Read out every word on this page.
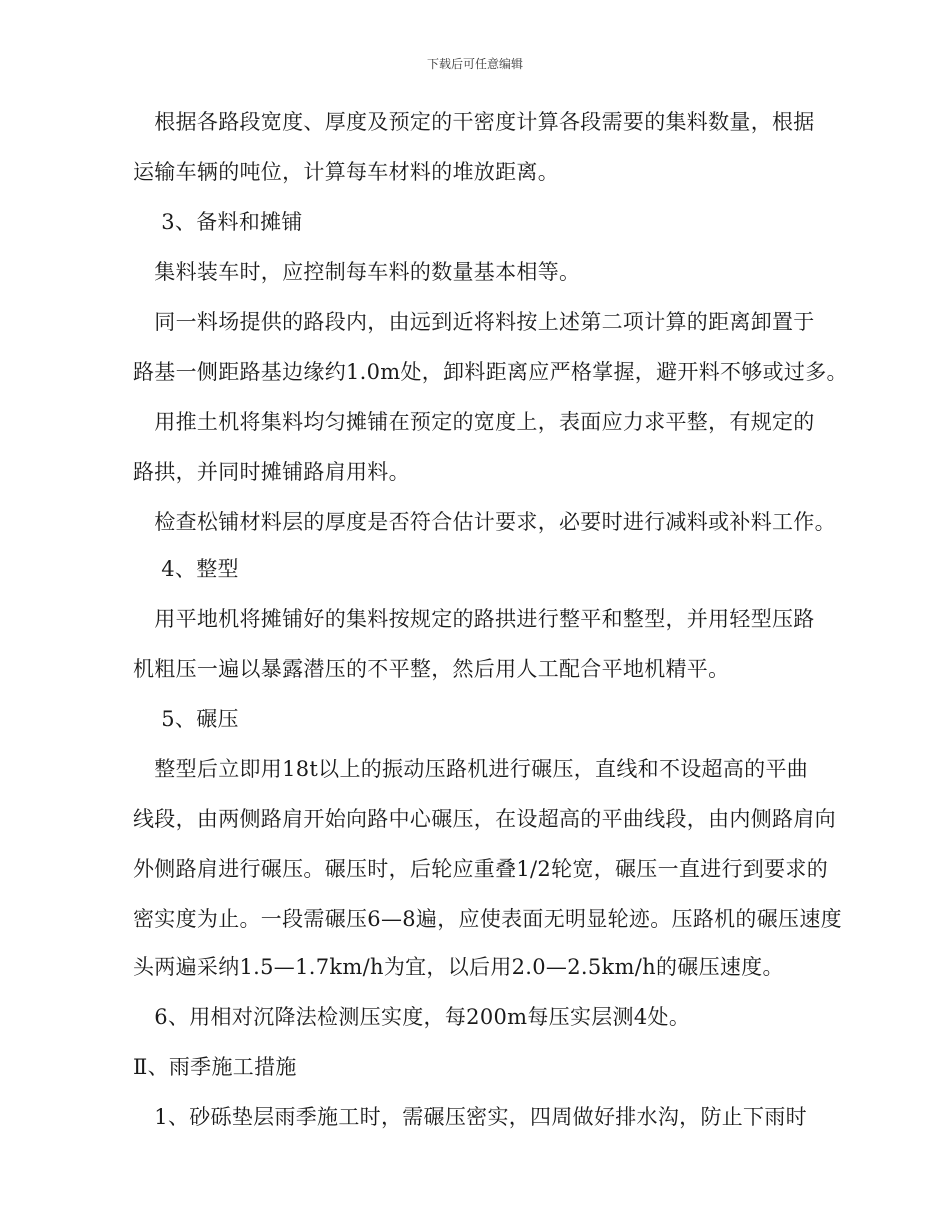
下载后可任意编辑
　根据各路段宽度、厚度及预定的干密度计算各段需要的集料数量，根据
运输车辆的吨位，计算每车材料的堆放距离。
　 3、备料和摊铺
　集料装车时，应控制每车料的数量基本相等。
　同一料场提供的路段内，由远到近将料按上述第二项计算的距离卸置于
路基一侧距路基边缘约1.0m处，卸料距离应严格掌握，避开料不够或过多。
　用推土机将集料均匀摊铺在预定的宽度上，表面应力求平整，有规定的
路拱，并同时摊铺路肩用料。
　检查松铺材料层的厚度是否符合估计要求，必要时进行减料或补料工作。
　 4、整型
　用平地机将摊铺好的集料按规定的路拱进行整平和整型，并用轻型压路
机粗压一遍以暴露潜压的不平整，然后用人工配合平地机精平。
　 5、碾压
　整型后立即用18t以上的振动压路机进行碾压，直线和不设超高的平曲
线段，由两侧路肩开始向路中心碾压，在设超高的平曲线段，由内侧路肩向
外侧路肩进行碾压。碾压时，后轮应重叠1/2轮宽，碾压一直进行到要求的
密实度为止。一段需碾压6—8遍，应使表面无明显轮迹。压路机的碾压速度
头两遍采纳1.5—1.7km/h为宜，以后用2.0—2.5km/h的碾压速度。
　6、用相对沉降法检测压实度，每200m每压实层测4处。
Ⅱ、雨季施工措施
　1、砂砾垫层雨季施工时，需碾压密实，四周做好排水沟，防止下雨时
